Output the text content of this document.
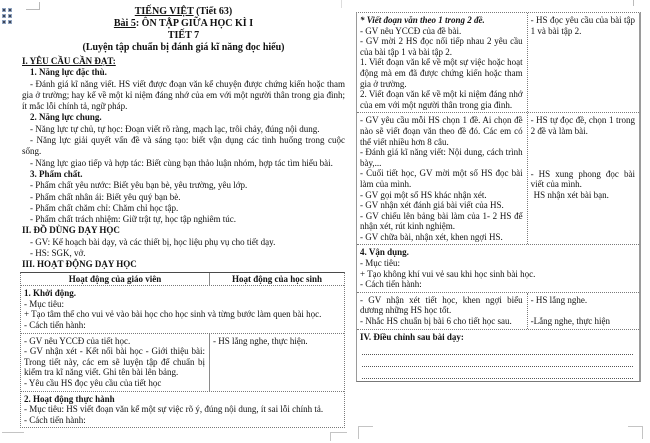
TIẾNG VIỆT (Tiết 63)
Bài 5: ÔN TẬP GIỮA HỌC KÌ I
TIẾT 7
(Luyện tập chuẩn bị đánh giá kĩ năng đọc hiểu)
I. YÊU CẦU CẦN ĐẠT:
1. Năng lực đặc thù.
- Đánh giá kĩ năng viết. HS viết được đoạn văn kể chuyện được chứng kiến hoặc tham gia ở trường; hay kể về một kỉ niệm đáng nhớ của em với một người thân trong gia đình; ít mắc lỗi chính tả, ngữ pháp.
2. Năng lực chung.
- Năng lực tự chủ, tự học: Đoạn viết rõ ràng, mạch lạc, trôi chảy, đúng nội dung.
- Năng lực giải quyết vấn đề và sáng tạo: biết vận dụng các tình huống trong cuộc sống.
- Năng lực giao tiếp và hợp tác: Biết cùng bạn thảo luận nhóm, hợp tác tìm hiểu bài.
3. Phẩm chất.
- Phẩm chất yêu nước: Biết yêu bạn bè, yêu trường, yêu lớp.
- Phẩm chất nhân ái: Biết yêu quý bạn bè.
- Phẩm chất chăm chỉ: Chăm chỉ học tập.
- Phẩm chất trách nhiệm: Giữ trật tự, học tập nghiêm túc.
II. ĐỒ DÙNG DẠY HỌC
- GV: Kế hoạch bài dạy, và các thiết bị, học liệu phụ vụ cho tiết dạy.
- HS: SGK, vở.
III. HOẠT ĐỘNG DẠY HỌC
Hoạt động của giáo viên	Hoạt động của học sinh
1. Khởi động.
- Mục tiêu:
+ Tạo tâm thế cho vui vẻ vào bài học cho học sinh và từng bước làm quen bài học.
- Cách tiến hành:
- GV nêu YCCĐ của tiết học.
- GV nhận xét - Kết nối bài học - Giới thiệu bài: Trong tiết này, các em sẽ luyện tập để chuẩn bị kiểm tra kĩ năng viết. Ghi tên bài lên bảng.
- Yêu cầu HS đọc yêu cầu của tiết học
- HS lắng nghe, thực hiện.
2. Hoạt động thực hành
- Mục tiêu: HS viết đoạn văn kể một sự việc rõ ý, đúng nội dung, ít sai lỗi chính tả.
- Cách tiến hành:
* Viết đoạn văn theo 1 trong 2 đề.
- GV nêu YCCĐ của đề bài.
- GV mời 2 HS đọc nối tiếp nhau 2 yêu cầu của bài tập 1 và bài tập 2.
1. Viết đoạn văn kể về một sự việc hoặc hoạt động mà em đã được chứng kiến hoặc tham gia ở trường.
2. Viết đoạn văn kể về một kỉ niệm đáng nhớ của em với một người thân trong gia đình.
- HS đọc yêu cầu của bài tập 1 và bài tập 2.
- GV yêu cầu mỗi HS chọn 1 đề. Ai chọn đề nào sẽ viết đoạn văn theo đề đó. Các em có thể viết nhiều hơn 8 câu.
- Đánh giá kĩ năng viết: Nội dung, cách trình bày,...
- Cuối tiết học, GV mời một số HS đọc bài làm của mình.
- GV gọi một số HS khác nhận xét.
- GV nhận xét đánh giá bài viết của HS.
- GV chiếu lên bảng bài làm của 1- 2 HS để nhận xét, rút kinh nghiệm.
- GV chữa bài, nhận xét, khen ngợi HS.
- HS tự đọc đề, chọn 1 trong 2 đề và làm bài.
- HS xung phong đọc bài viết của mình.
HS nhận xét bài bạn.
4. Vận dụng.
- Mục tiêu:
+ Tạo không khí vui vẻ sau khi học sinh bài học.
- Cách tiến hành:
- GV nhận xét tiết học, khen ngợi biểu dương những HS học tốt.
- Nhắc HS chuẩn bị bài 6 cho tiết học sau.
- HS lắng nghe.
-Lắng nghe, thực hiện
IV. Điều chỉnh sau bài dạy:
